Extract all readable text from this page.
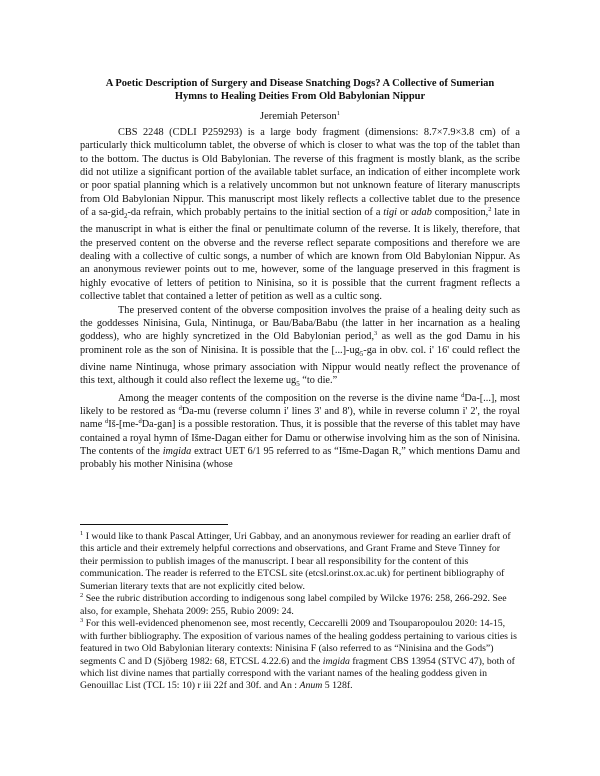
A Poetic Description of Surgery and Disease Snatching Dogs? A Collective of Sumerian
Hymns to Healing Deities From Old Babylonian Nippur
Jeremiah Peterson$^1$

CBS 2248 (CDLI P259293) is a large body fragment (dimensions: 8.7×7.9×3.8 cm) of a particularly thick multicolumn tablet, the obverse of which is closer to what was the top of the tablet than to the bottom. The ductus is Old Babylonian. The reverse of this fragment is mostly blank, as the scribe did not utilize a significant portion of the available tablet surface, an indication of either incomplete work or poor spatial planning which is a relatively uncommon but not unknown feature of literary manuscripts from Old Babylonian Nippur. This manuscript most likely reflects a collective tablet due to the presence of a sa-gid$_2$-da refrain, which probably pertains to the initial section of a tigi or adab composition,$^2$ late in the manuscript in what is either the final or penultimate column of the reverse. It is likely, therefore, that the preserved content on the obverse and the reverse reflect separate compositions and therefore we are dealing with a collective of cultic songs, a number of which are known from Old Babylonian Nippur. As an anonymous reviewer points out to me, however, some of the language preserved in this fragment is highly evocative of letters of petition to Ninisina, so it is possible that the current fragment reflects a collective tablet that contained a letter of petition as well as a cultic song.

The preserved content of the obverse composition involves the praise of a healing deity such as the goddesses Ninisina, Gula, Nintinuga, or Bau/Baba/Babu (the latter in her incarnation as a healing goddess), who are highly syncretized in the Old Babylonian period,$^3$ as well as the god Damu in his prominent role as the son of Ninisina. It is possible that the $[...]-ug_5-ga$ in obv. col. i' 16' could reflect the divine name Nintinuga, whose primary association with Nippur would neatly reflect the provenance of this text, although it could also reflect the lexeme $ug_5$ “to die.”

Among the meager contents of the composition on the reverse is the divine name $^d$Da-[...], most likely to be restored as $^d$Da-mu (reverse column i' lines 3' and 8'), while in reverse column i' 2', the royal name $^d$Iš-[me-$^d$Da-gan] is a possible restoration. Thus, it is possible that the reverse of this tablet may have contained a royal hymn of Išme-Dagan either for Damu or otherwise involving him as the son of Ninisina. The contents of the imgida extract UET 6/1 95 referred to as “Išme-Dagan R,” which mentions Damu and probably his mother Ninisina (whose

$^1$ I would like to thank Pascal Attinger, Uri Gabbay, and an anonymous reviewer for reading an earlier draft of this article and their extremely helpful corrections and observations, and Grant Frame and Steve Tinney for their permission to publish images of the manuscript. I bear all responsibility for the content of this communication. The reader is referred to the ETCSL site (etcsl.orinst.ox.ac.uk) for pertinent bibliography of Sumerian literary texts that are not explicitly cited below.

$^2$ See the rubric distribution according to indigenous song label compiled by Wilcke 1976: 258, 266-292. See also, for example, Shehata 2009: 255, Rubio 2009: 24.

$^3$ For this well-evidenced phenomenon see, most recently, Ceccarelli 2009 and Tsouparopoulou 2020: 14-15, with further bibliography. The exposition of various names of the healing goddess pertaining to various cities is featured in two Old Babylonian literary contexts: Ninisina F (also referred to as “Ninisina and the Gods”) segments C and D (Sjöberg 1982: 68, ETCSL 4.22.6) and the imgida fragment CBS 13954 (STVC 47), both of which list divine names that partially correspond with the variant names of the healing goddess given in Genouillac List (TCL 15: 10) r iii 22f and 30f. and An : Anum 5 128f.
